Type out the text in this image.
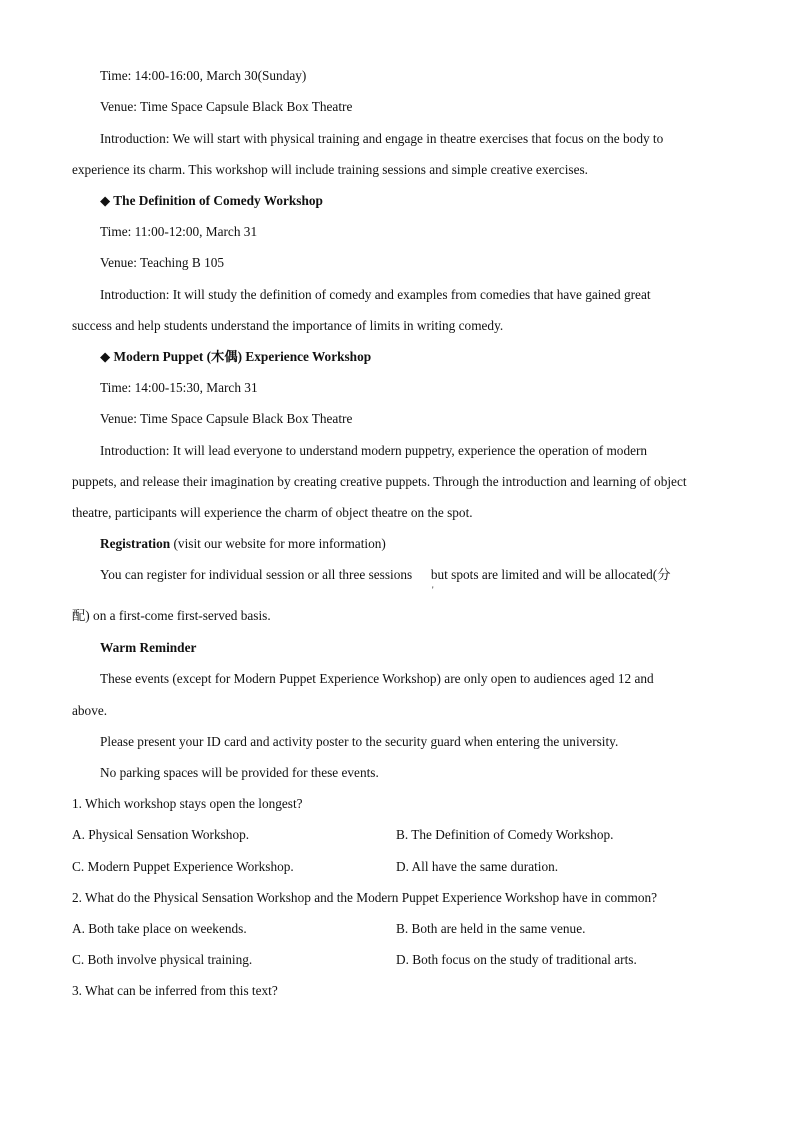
Time: 14:00-16:00, March 30(Sunday)
Venue: Time Space Capsule Black Box Theatre
Introduction: We will start with physical training and engage in theatre exercises that focus on the body to
experience its charm. This workshop will include training sessions and simple creative exercises.
◆ The Definition of Comedy Workshop
Time: 11:00-12:00, March 31
Venue: Teaching B 105
Introduction: It will study the definition of comedy and examples from comedies that have gained great
success and help students understand the importance of limits in writing comedy.
◆ Modern Puppet (木偶) Experience Workshop
Time: 14:00-15:30, March 31
Venue: Time Space Capsule Black Box Theatre
Introduction: It will lead everyone to understand modern puppetry, experience the operation of modern
puppets, and release their imagination by creating creative puppets. Through the introduction and learning of object
theatre, participants will experience the charm of object theatre on the spot.
Registration (visit our website for more information)
You can register for individual session or all three sessions but spots are limited and will be allocated(分
'
配) on a first-come first-served basis.
Warm Reminder
These events (except for Modern Puppet Experience Workshop) are only open to audiences aged 12 and
above.
Please present your ID card and activity poster to the security guard when entering the university.
No parking spaces will be provided for these events.
1. Which workshop stays open the longest?
A. Physical Sensation Workshop.	B. The Definition of Comedy Workshop.
C. Modern Puppet Experience Workshop.	D. All have the same duration.
2. What do the Physical Sensation Workshop and the Modern Puppet Experience Workshop have in common?
A. Both take place on weekends.	B. Both are held in the same venue.
C. Both involve physical training.	D. Both focus on the study of traditional arts.
3. What can be inferred from this text?
